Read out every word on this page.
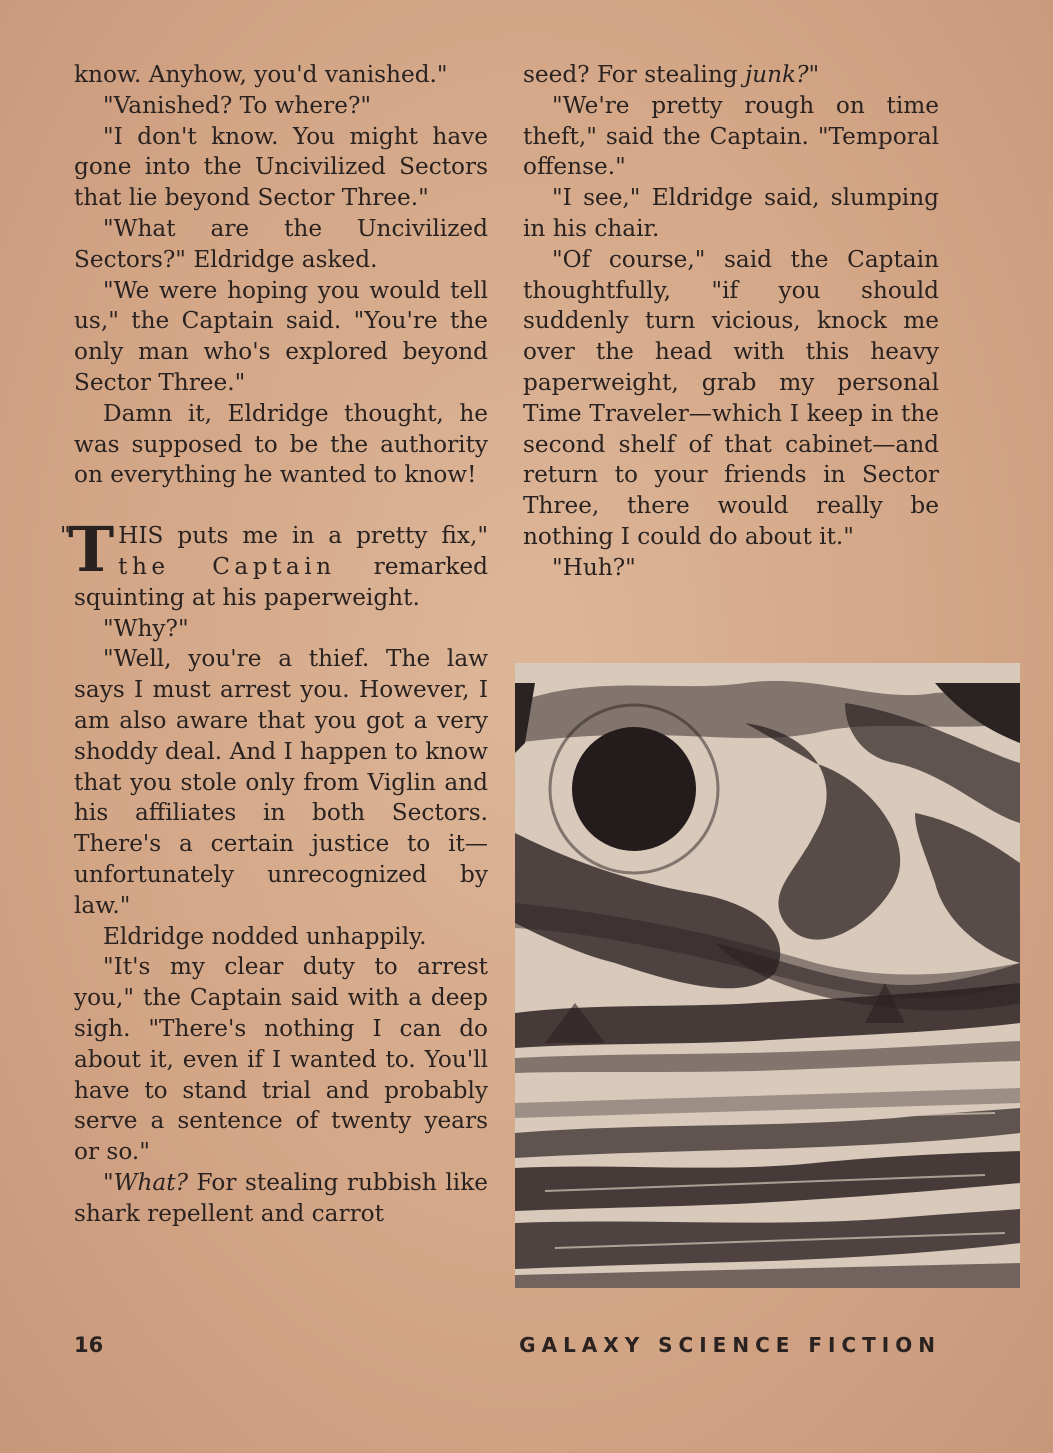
know. Anyhow, you'd vanished."

"Vanished? To where?"

"I don't know. You might have gone into the Uncivilized Sectors that lie beyond Sector Three."

"What are the Uncivilized Sectors?" Eldridge asked.

"We were hoping you would tell us," the Captain said. "You're the only man who's explored beyond Sector Three."

Damn it, Eldridge thought, he was supposed to be the authority on everything he wanted to know!

"
T HIS puts me in a pretty fix," the Captain remarked squinting at his paperweight.

"Why?"

"Well, you're a thief. The law says I must arrest you. However, I am also aware that you got a very shoddy deal. And I happen to know that you stole only from Viglin and his affiliates in both Sectors. There's a certain justice to it—unfortunately unrecognized by law."

Eldridge nodded unhappily.

"It's my clear duty to arrest you," the Captain said with a deep sigh. "There's nothing I can do about it, even if I wanted to. You'll have to stand trial and probably serve a sentence of twenty years or so."

"What? For stealing rubbish like shark repellent and carrot

seed? For stealing junk?"

"We're pretty rough on time theft," said the Captain. "Temporal offense."

"I see," Eldridge said, slumping in his chair.

"Of course," said the Captain thoughtfully, "if you should suddenly turn vicious, knock me over the head with this heavy paperweight, grab my personal Time Traveler—which I keep in the second shelf of that cabinet—and return to your friends in Sector Three, there would really be nothing I could do about it."

"Huh?"

16	GALAXY SCIENCE FICTION
